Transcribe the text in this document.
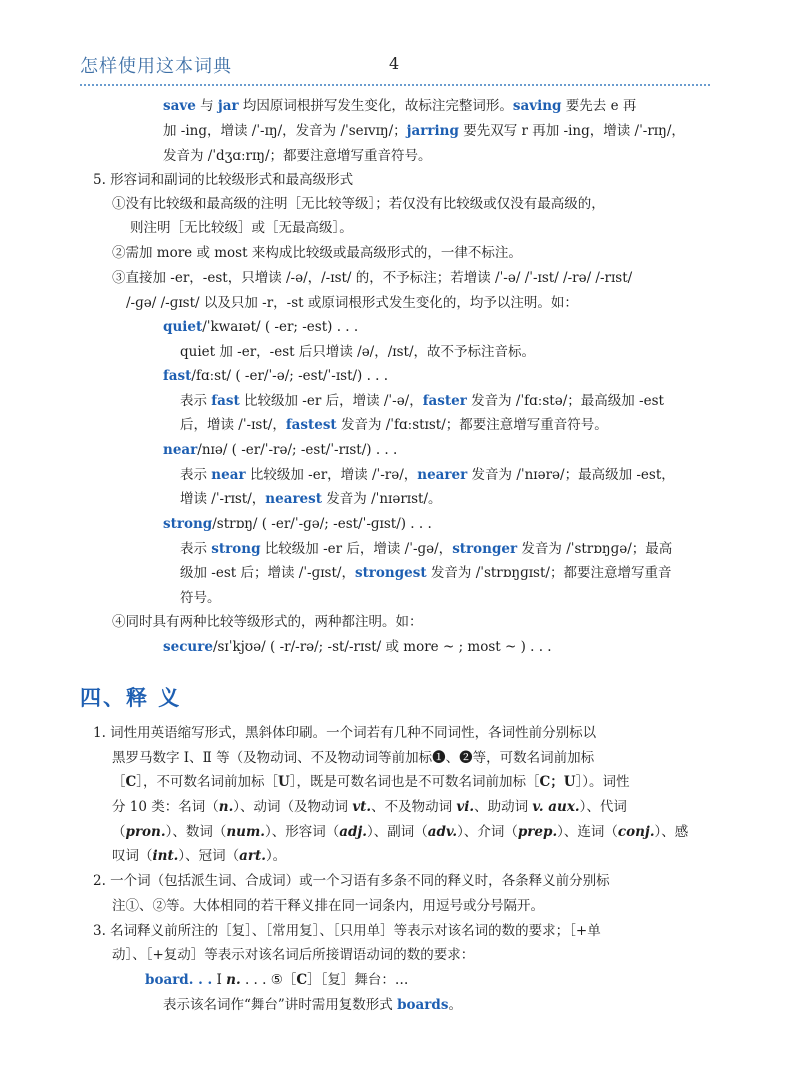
怎样使用这本词典	4
save 与 jar 均因原词根拼写发生变化，故标注完整词形。saving 要先去 e 再
加 -ing，增读 /ˈ-ɪŋ/，发音为 /ˈseɪvɪŋ/；jarring 要先双写 r 再加 -ing，增读 /ˈ-rɪŋ/，
发音为 /ˈdʒɑːrɪŋ/；都要注意增写重音符号。
5. 形容词和副词的比较级形式和最高级形式
①没有比较级和最高级的注明［无比较等级］；若仅没有比较级或仅没有最高级的，
则注明［无比较级］或［无最高级］。
②需加 more 或 most 来构成比较级或最高级形式的，一律不标注。
③直接加 -er，-est，只增读 /-ə/，/-ɪst/ 的，不予标注；若增读 /ˈ-ə/ /ˈ-ɪst/ /-rə/ /-rɪst/
/-ɡə/ /-ɡɪst/ 以及只加 -r，-st 或原词根形式发生变化的，均予以注明。如：
quiet/ˈkwaɪət/ ( -er; -est) . . .
quiet 加 -er，-est 后只增读 /ə/，/ɪst/，故不予标注音标。
fast/fɑːst/ ( -er/ˈ-ə/; -est/ˈ-ɪst/) . . .
表示 fast 比较级加 -er 后，增读 /ˈ-ə/，faster 发音为 /ˈfɑːstə/；最高级加 -est
后，增读 /ˈ-ɪst/，fastest 发音为 /ˈfɑːstɪst/；都要注意增写重音符号。
near/nɪə/ ( -er/ˈ-rə/; -est/ˈ-rɪst/) . . .
表示 near 比较级加 -er，增读 /ˈ-rə/，nearer 发音为 /ˈnɪərə/；最高级加 -est，
增读 /ˈ-rɪst/，nearest 发音为 /ˈnɪərɪst/。
strong/strɒŋ/ ( -er/ˈ-ɡə/; -est/ˈ-ɡɪst/) . . .
表示 strong 比较级加 -er 后，增读 /ˈ-ɡə/，stronger 发音为 /ˈstrɒŋɡə/；最高
级加 -est 后；增读 /ˈ-ɡɪst/，strongest 发音为 /ˈstrɒŋɡɪst/；都要注意增写重音
符号。
④同时具有两种比较等级形式的，两种都注明。如：
secure/sɪˈkjʊə/ ( -r/-rə/; -st/-rɪst/ 或 more ~ ; most ~ ) . . .
四、释 义
1. 词性用英语缩写形式，黑斜体印刷。一个词若有几种不同词性，各词性前分别标以
黑罗马数字 Ⅰ、Ⅱ 等（及物动词、不及物动词等前加标❶、❷等，可数名词前加标
［C］，不可数名词前加标［U］，既是可数名词也是不可数名词前加标［C；U］）。词性
分 10 类：名词（n.）、动词（及物动词 vt.、不及物动词 vi.、助动词 v. aux.）、代词
（pron.）、数词（num.）、形容词（adj.）、副词（adv.）、介词（prep.）、连词（conj.）、感
叹词（int.）、冠词（art.）。
2. 一个词（包括派生词、合成词）或一个习语有多条不同的释义时，各条释义前分别标
注①、②等。大体相同的若干释义排在同一词条内，用逗号或分号隔开。
3. 名词释义前所注的［复］、［常用复］、［只用单］等表示对该名词的数的要求；［+单
动］、［+复动］等表示对该名词后所接谓语动词的数的要求：
board. . . Ⅰ n. . . . ⑤［C］［复］舞台：…
表示该名词作“舞台”讲时需用复数形式 boards。
